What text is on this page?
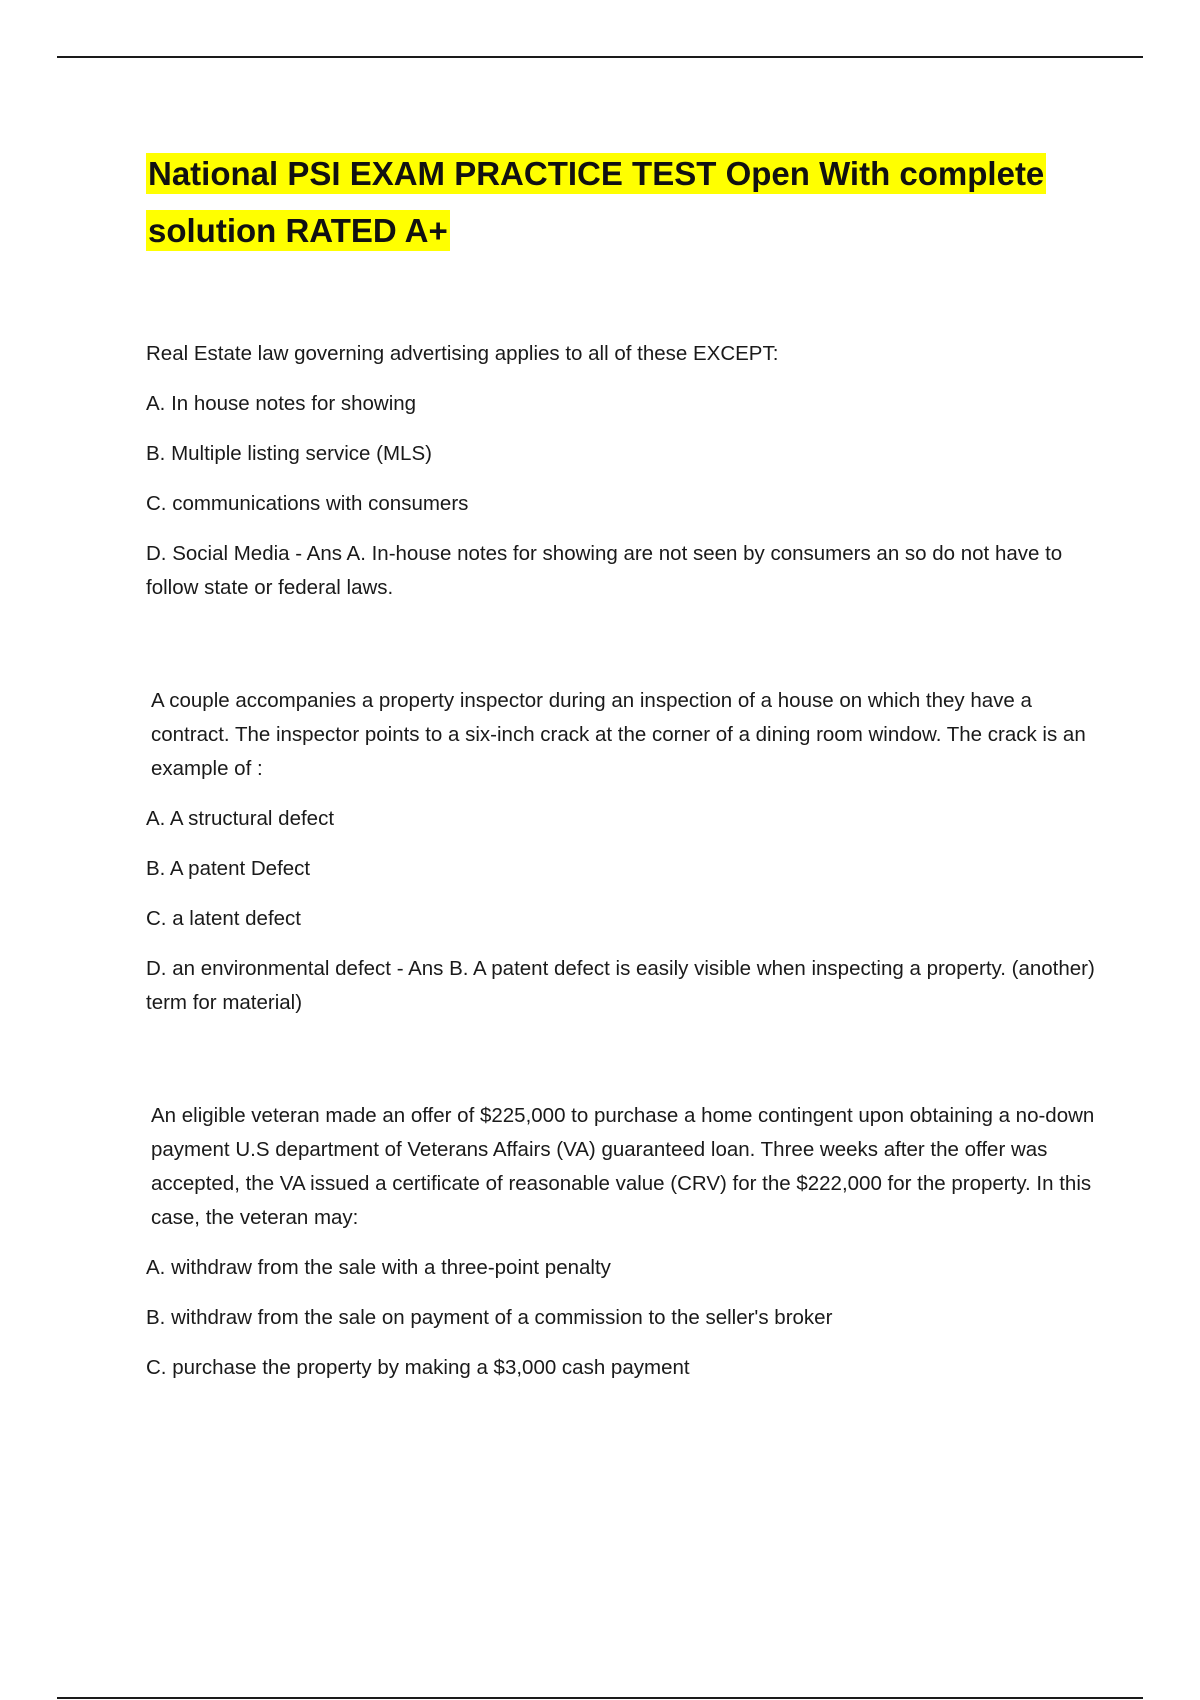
National PSI EXAM PRACTICE TEST Open With complete solution RATED A+

Real Estate law governing advertising applies to all of these EXCEPT:

A. In house notes for showing

B. Multiple listing service (MLS)

C. communications with consumers

D. Social Media - Ans A. In-house notes for showing are not seen by consumers an so do not have to follow state or federal laws.

A couple accompanies a property inspector during an inspection of a house on which they have a contract. The inspector points to a six-inch crack at the corner of a dining room window. The crack is an example of :

A. A structural defect

B. A patent Defect

C. a latent defect

D. an environmental defect - Ans B. A patent defect is easily visible when inspecting a property. (another) term for material)

An eligible veteran made an offer of $225,000 to purchase a home contingent upon obtaining a no-down payment U.S department of Veterans Affairs (VA) guaranteed loan. Three weeks after the offer was accepted, the VA issued a certificate of reasonable value (CRV) for the $222,000 for the property. In this case, the veteran may:

A. withdraw from the sale with a three-point penalty

B. withdraw from the sale on payment of a commission to the seller's broker

C. purchase the property by making a $3,000 cash payment
